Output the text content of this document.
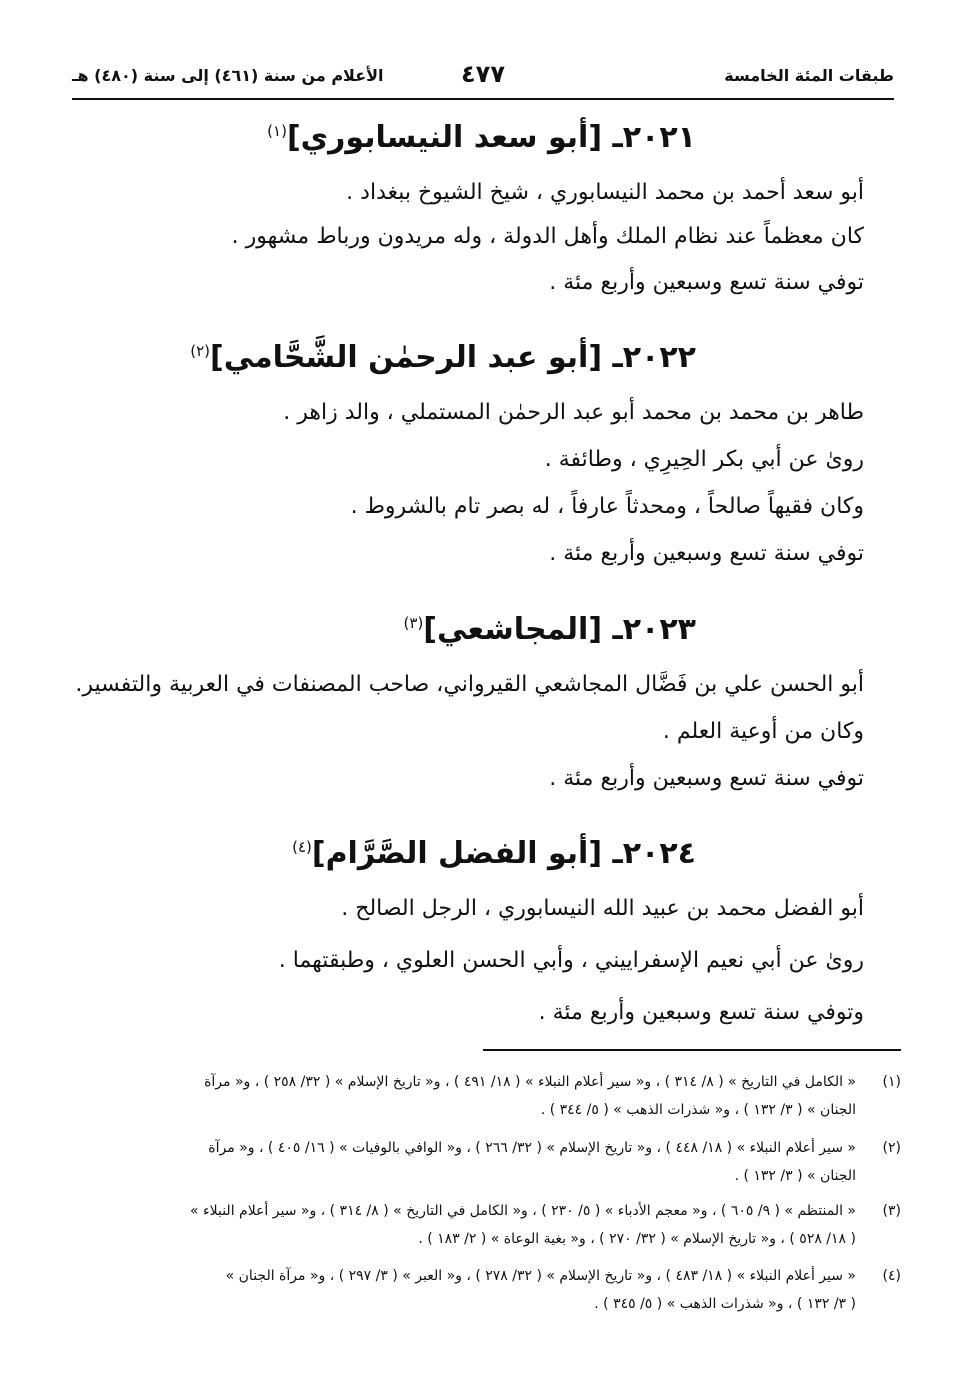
طبقات المئة الخامسة
٤٧٧
الأعلام من سنة (٤٦١) إلى سنة (٤٨٠) هـ
٢٠٢١ـ [أبو سعد النيسابوري]$^{(١)}$
أبو سعد أحمد بن محمد النيسابوري ، شيخ الشيوخ ببغداد .
كان معظماً عند نظام الملك وأهل الدولة ، وله مريدون ورباط مشهور .
توفي سنة تسع وسبعين وأربع مئة .
٢٠٢٢ـ [أبو عبد الرحمٰن الشَّحَّامي]$^{(٢)}$
طاهر بن محمد بن محمد أبو عبد الرحمٰن المستملي ، والد زاهر .
روىٰ عن أبي بكر الحِيرِي ، وطائفة .
وكان فقيهاً صالحاً ، ومحدثاً عارفاً ، له بصر تام بالشروط .
توفي سنة تسع وسبعين وأربع مئة .
٢٠٢٣ـ [المجاشعي]$^{(٣)}$
أبو الحسن علي بن فَضَّال المجاشعي القيرواني، صاحب المصنفات في العربية والتفسير.
وكان من أوعية العلم .
توفي سنة تسع وسبعين وأربع مئة .
٢٠٢٤ـ [أبو الفضل الصَّرَّام]$^{(٤)}$
أبو الفضل محمد بن عبيد الله النيسابوري ، الرجل الصالح .
روىٰ عن أبي نعيم الإسفراييني ، وأبي الحسن العلوي ، وطبقتهما .
وتوفي سنة تسع وسبعين وأربع مئة .
(١)
« الكامل في التاريخ » ( ٨/ ٣١٤ ) ، و« سير أعلام النبلاء » ( ١٨/ ٤٩١ ) ، و« تاريخ الإسلام » ( ٣٢/ ٢٥٨ ) ، و« مرآة
الجنان » ( ٣/ ١٣٢ ) ، و« شذرات الذهب » ( ٥/ ٣٤٤ ) .
(٢)
« سير أعلام النبلاء » ( ١٨/ ٤٤٨ ) ، و« تاريخ الإسلام » ( ٣٢/ ٢٦٦ ) ، و« الوافي بالوفيات » ( ١٦/ ٤٠٥ ) ، و« مرآة
الجنان » ( ٣/ ١٣٢ ) .
(٣)
« المنتظم » ( ٩/ ٦٠٥ ) ، و« معجم الأدباء » ( ٥/ ٢٣٠ ) ، و« الكامل في التاريخ » ( ٨/ ٣١٤ ) ، و« سير أعلام النبلاء »
( ١٨/ ٥٢٨ ) ، و« تاريخ الإسلام » ( ٣٢/ ٢٧٠ ) ، و« بغية الوعاة » ( ٢/ ١٨٣ ) .
(٤)
« سير أعلام النبلاء » ( ١٨/ ٤٨٣ ) ، و« تاريخ الإسلام » ( ٣٢/ ٢٧٨ ) ، و« العبر » ( ٣/ ٢٩٧ ) ، و« مرآة الجنان »
( ٣/ ١٣٢ ) ، و« شذرات الذهب » ( ٥/ ٣٤٥ ) .
